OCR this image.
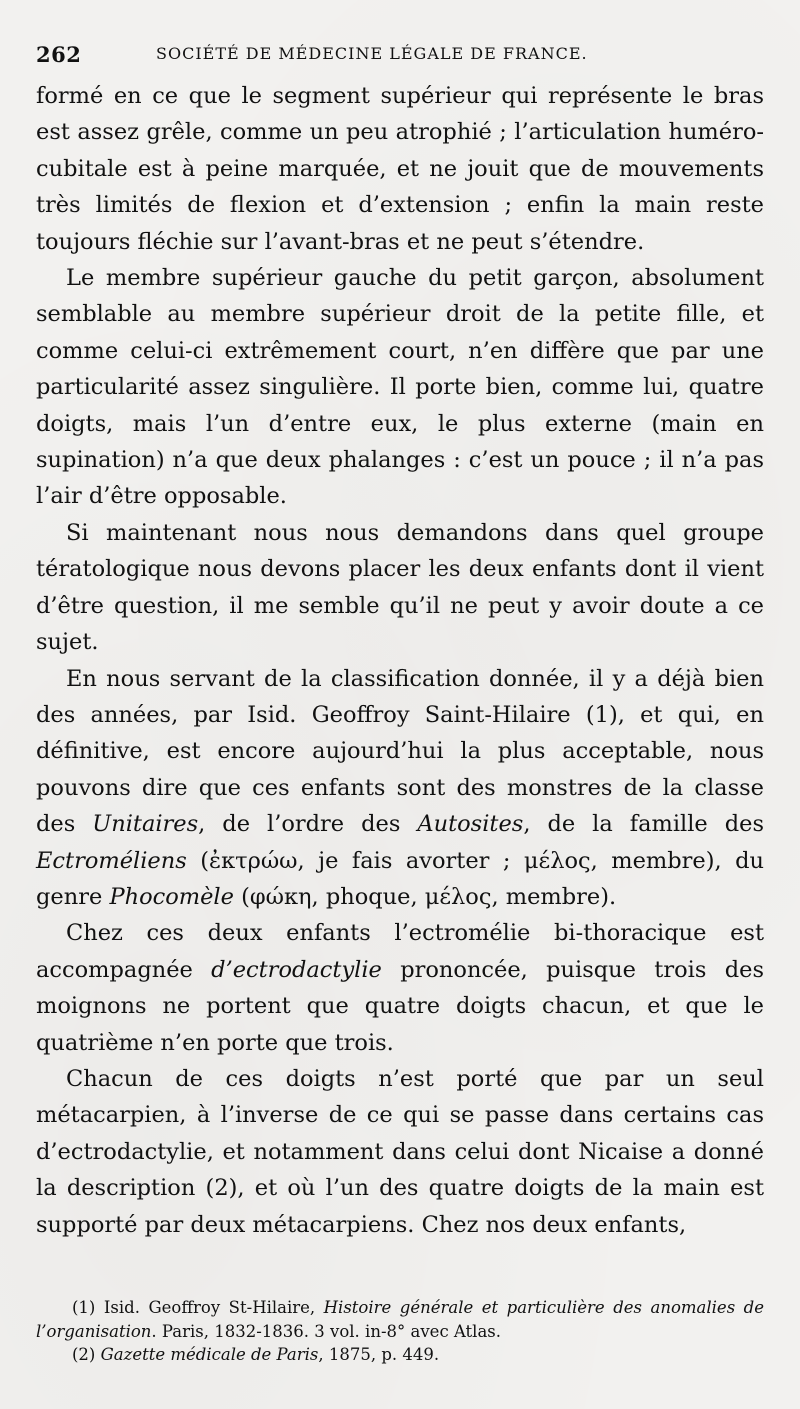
262	SOCIÉTÉ DE MÉDECINE LÉGALE DE FRANCE.

formé en ce que le segment supérieur qui représente le bras est assez grêle, comme un peu atrophié ; l’articulation huméro-cubitale est à peine marquée, et ne jouit que de mouvements très limités de flexion et d’extension ; enfin la main reste toujours fléchie sur l’avant-bras et ne peut s’étendre.

Le membre supérieur gauche du petit garçon, absolument semblable au membre supérieur droit de la petite fille, et comme celui-ci extrêmement court, n’en diffère que par une particularité assez singulière. Il porte bien, comme lui, quatre doigts, mais l’un d’entre eux, le plus externe (main en supination) n’a que deux phalanges : c’est un pouce ; il n’a pas l’air d’être opposable.

Si maintenant nous nous demandons dans quel groupe tératologique nous devons placer les deux enfants dont il vient d’être question, il me semble qu’il ne peut y avoir doute a ce sujet.

En nous servant de la classification donnée, il y a déjà bien des années, par Isid. Geoffroy Saint-Hilaire (1), et qui, en définitive, est encore aujourd’hui la plus acceptable, nous pouvons dire que ces enfants sont des monstres de la classe des Unitaires, de l’ordre des Autosites, de la famille des Ectroméliens (ἐκτρώω, je fais avorter ; μέλος, membre), du genre Phocomèle (φώκη, phoque, μέλος, membre).

Chez ces deux enfants l’ectromélie bi-thoracique est accompagnée d’ectrodactylie prononcée, puisque trois des moignons ne portent que quatre doigts chacun, et que le quatrième n’en porte que trois.

Chacun de ces doigts n’est porté que par un seul métacarpien, à l’inverse de ce qui se passe dans certains cas d’ectrodactylie, et notamment dans celui dont Nicaise a donné la description (2), et où l’un des quatre doigts de la main est supporté par deux métacarpiens. Chez nos deux enfants,

(1) Isid. Geoffroy St-Hilaire, Histoire générale et particulière des anomalies de l’organisation. Paris, 1832-1836. 3 vol. in-8° avec Atlas.

(2) Gazette médicale de Paris, 1875, p. 449.
